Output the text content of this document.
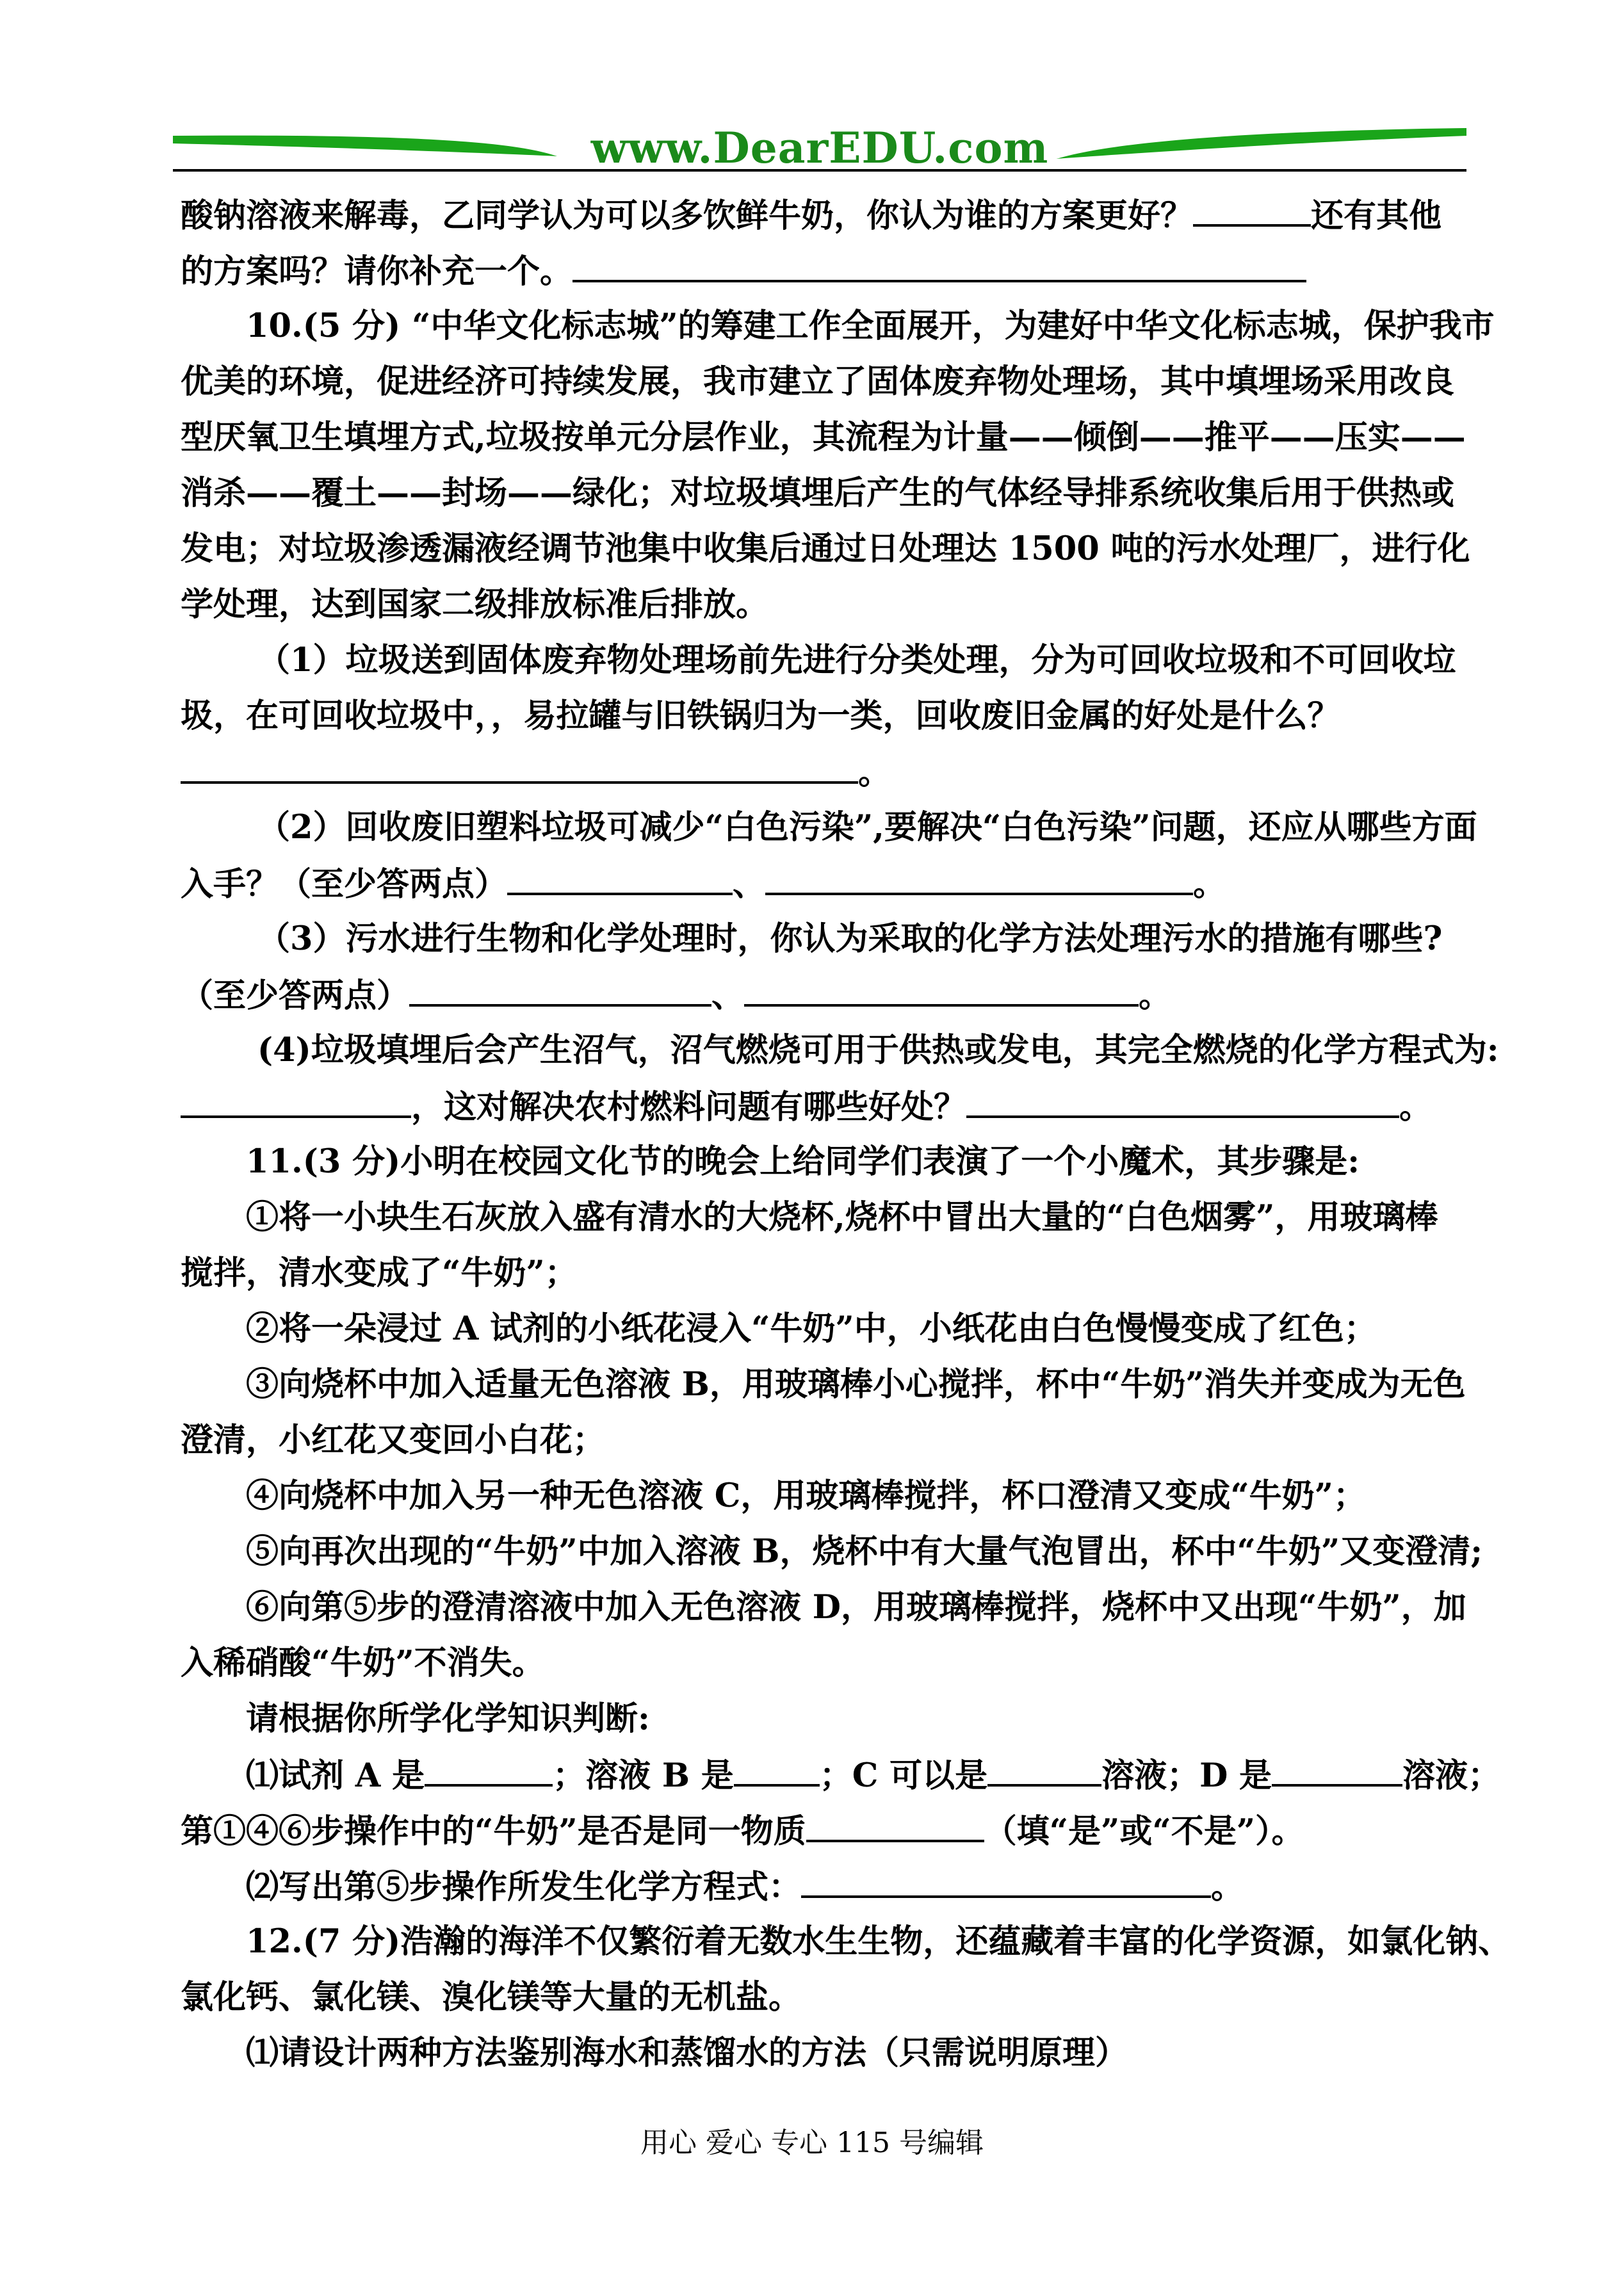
www.DearEDU.com
酸钠溶液来解毒，乙同学认为可以多饮鲜牛奶，你认为谁的方案更好？	还有其他
的方案吗？请你补充一个。
10.(5 分) “中华文化标志城”的筹建工作全面展开，为建好中华文化标志城，保护我市
优美的环境，促进经济可持续发展，我市建立了固体废弃物处理场，其中填埋场采用改良
型厌氧卫生填埋方式,垃圾按单元分层作业，其流程为计量——倾倒——推平——压实——
消杀——覆土——封场——绿化；对垃圾填埋后产生的气体经导排系统收集后用于供热或
发电；对垃圾渗透漏液经调节池集中收集后通过日处理达 1500 吨的污水处理厂，进行化
学处理，达到国家二级排放标准后排放。
（1）垃圾送到固体废弃物处理场前先进行分类处理，分为可回收垃圾和不可回收垃
圾，在可回收垃圾中，，易拉罐与旧铁锅归为一类，回收废旧金属的好处是什么？
。
（2）回收废旧塑料垃圾可减少“白色污染”,要解决“白色污染”问题，还应从哪些方面
入手？（至少答两点）	、	。
（3）污水进行生物和化学处理时，你认为采取的化学方法处理污水的措施有哪些?
（至少答两点）	、	。
(4)垃圾填埋后会产生沼气，沼气燃烧可用于供热或发电，其完全燃烧的化学方程式为:
，这对解决农村燃料问题有哪些好处？	。
11.(3 分)小明在校园文化节的晚会上给同学们表演了一个小魔术，其步骤是:
①将一小块生石灰放入盛有清水的大烧杯,烧杯中冒出大量的“白色烟雾”，用玻璃棒
搅拌，清水变成了“牛奶”；
②将一朵浸过 A 试剂的小纸花浸入“牛奶”中，小纸花由白色慢慢变成了红色；
③向烧杯中加入适量无色溶液 B，用玻璃棒小心搅拌，杯中“牛奶”消失并变成为无色
澄清，小红花又变回小白花；
④向烧杯中加入另一种无色溶液 C，用玻璃棒搅拌，杯口澄清又变成“牛奶”；
⑤向再次出现的“牛奶”中加入溶液 B，烧杯中有大量气泡冒出，杯中“牛奶”又变澄清;
⑥向第⑤步的澄清溶液中加入无色溶液 D，用玻璃棒搅拌，烧杯中又出现“牛奶”，加
入稀硝酸“牛奶”不消失。
请根据你所学化学知识判断:
⑴试剂 A 是	；溶液 B 是	；C 可以是	溶液；D 是	溶液；
第①④⑥步操作中的“牛奶”是否是同一物质	（填“是”或“不是”）。
⑵写出第⑤步操作所发生化学方程式：	。
12.(7 分)浩瀚的海洋不仅繁衍着无数水生生物，还蕴藏着丰富的化学资源，如氯化钠、
氯化钙、氯化镁、溴化镁等大量的无机盐。
⑴请设计两种方法鉴别海水和蒸馏水的方法（只需说明原理）
用心 爱心 专心 115 号编辑
